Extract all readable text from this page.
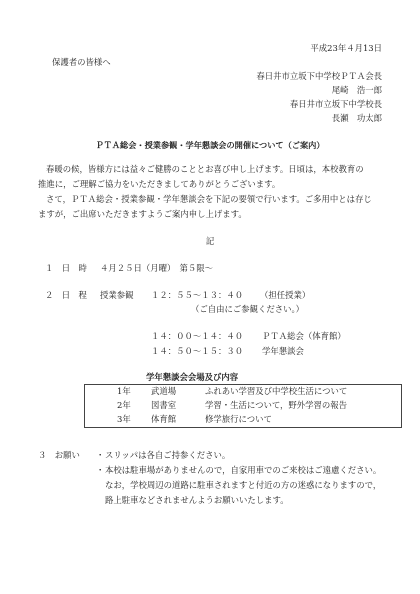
平成23年４月13日

保護者の皆様へ

春日井市立坂下中学校ＰＴＡ会長

尾崎　浩一郎

春日井市立坂下中学校長

長瀬　功太郎

ＰＴＡ総会・授業参観・学年懇談会の開催について（ご案内）

春暖の候，皆様方には益々ご健勝のこととお喜び申し上げます。日頃は，本校教育の

推進に，ご理解ご協力をいただきましてありがとうございます。

さて，ＰＴＡ総会・授業参観・学年懇談会を下記の要領で行います。ご多用中とは存じ

ますが，ご出席いただきますようご案内申し上げます。

記

１　日　時 ４月２５日（月曜）　第５限～

２　日　程 授業参観 １２：５５～１３：４０ （担任授業）

（ご自由にご参観ください。）

１４：００～１４：４０ ＰＴＡ総会（体育館）

１４：５０～１５：３０ 学年懇談会

学年懇談会会場及び内容

1年 武道場	ふれあい学習及び中学校生活について

2年 図書室	学習・生活について，野外学習の報告

3年 体育館	修学旅行について

３　お願い ・ スリッパは各自ご持参ください。

・ 本校は駐車場がありませんので，自家用車でのご来校はご遠慮ください。

なお，学校周辺の道路に駐車されますと付近の方の迷惑になりますので，

路上駐車などされませんようお願いいたします。
